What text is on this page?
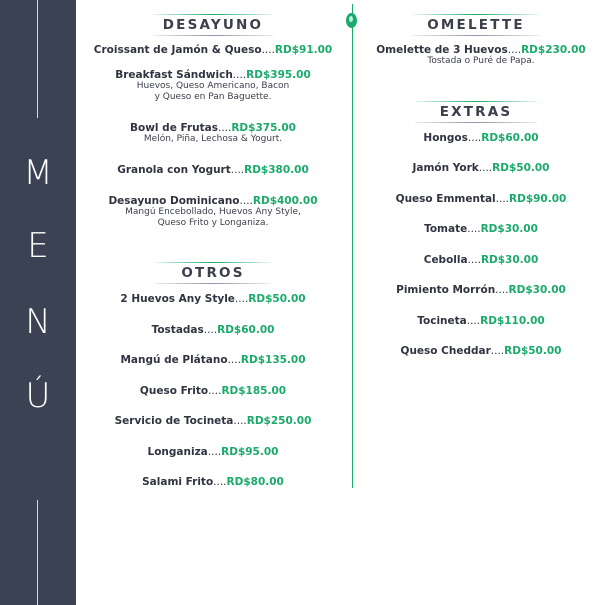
M
E
N
Ú
DESAYUNO
Croissant de Jamón & Queso....RD$91.00
Breakfast Sándwich....RD$395.00
Huevos, Queso Americano, Bacon
y Queso en Pan Baguette.
Bowl de Frutas....RD$375.00
Melón, Piña, Lechosa & Yogurt.
Granola con Yogurt....RD$380.00
Desayuno Dominicano....RD$400.00
Mangú Encebollado, Huevos Any Style,
Queso Frito y Longaniza.
OTROS
2 Huevos Any Style....RD$50.00
Tostadas....RD$60.00
Mangú de Plátano....RD$135.00
Queso Frito....RD$185.00
Servicio de Tocineta....RD$250.00
Longaniza....RD$95.00
Salami Frito....RD$80.00
OMELETTE
Omelette de 3 Huevos....RD$230.00
Tostada o Puré de Papa.
EXTRAS
Hongos....RD$60.00
Jamón York....RD$50.00
Queso Emmental....RD$90.00
Tomate....RD$30.00
Cebolla....RD$30.00
Pimiento Morrón....RD$30.00
Tocineta....RD$110.00
Queso Cheddar....RD$50.00
